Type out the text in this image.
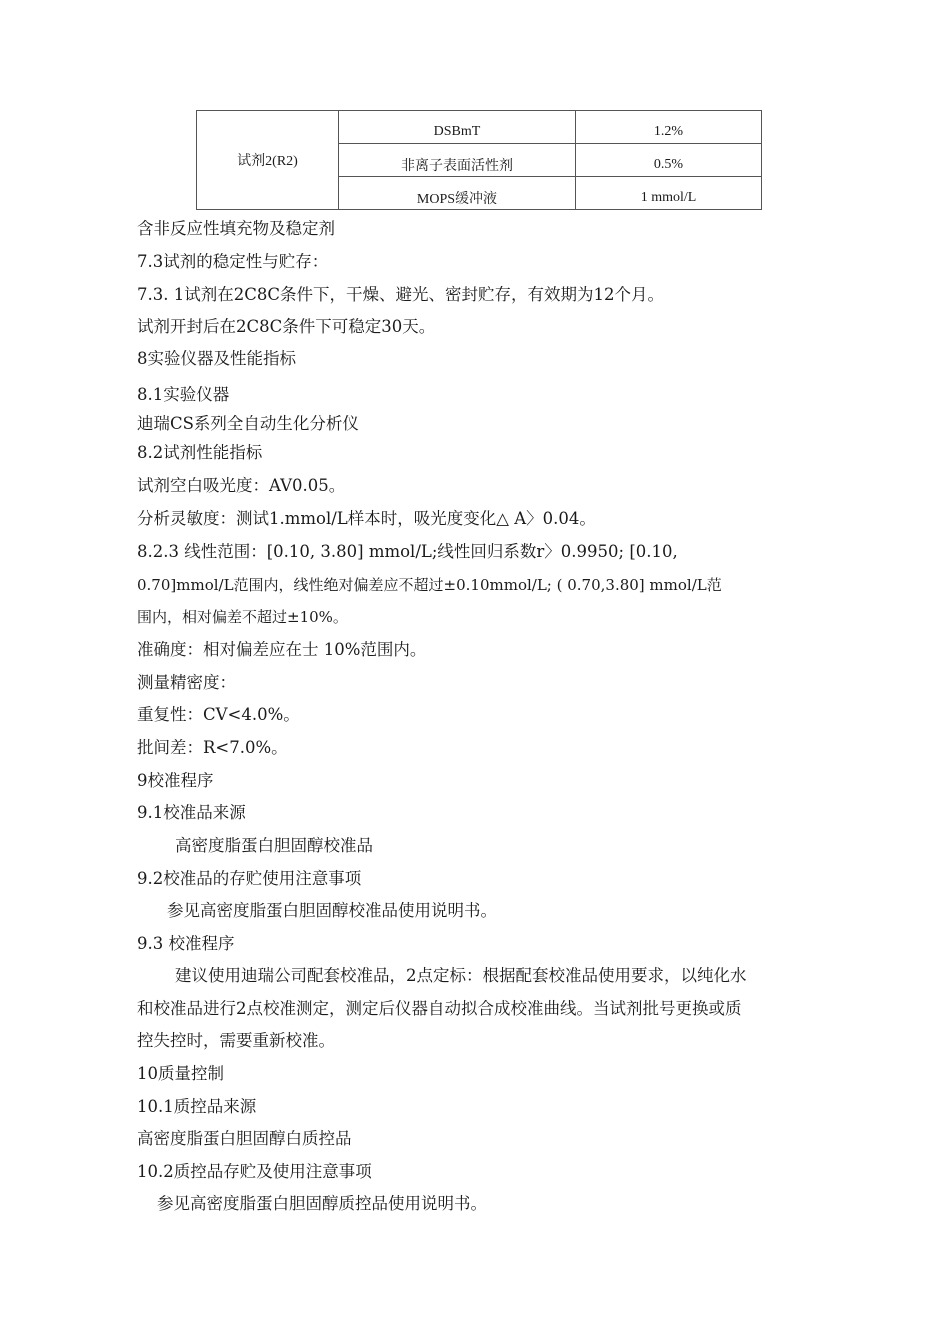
试剂2(R2)	DSBmT	1.2%
	非离子表面活性剂	0.5%
	MOPS缓冲液	1 mmol/L
含非反应性填充物及稳定剂
7.3试剂的稳定性与贮存：
7.3. 1试剂在2C8C条件下，干燥、避光、密封贮存，有效期为12个月。
试剂开封后在2C8C条件下可稳定30天。
8实验仪器及性能指标
8.1实验仪器
迪瑞CS系列全自动生化分析仪
8.2试剂性能指标
试剂空白吸光度：AV0.05。
分析灵敏度：测试1.mmol/L样本时，吸光度变化△ A〉0.04。
8.2.3 线性范围：[0.10, 3.80] mmol/L;线性回归系数r〉0.9950; [0.10,
0.70]mmol/L范围内，线性绝对偏差应不超过±0.10mmol/L; ( 0.70,3.80] mmol/L范
围内，相对偏差不超过±10%。
准确度：相对偏差应在士 10%范围内。
测量精密度：
重复性：CV<4.0%。
批间差：R<7.0%。
9校准程序
9.1校准品来源
高密度脂蛋白胆固醇校准品
9.2校准品的存贮使用注意事项
参见高密度脂蛋白胆固醇校准品使用说明书。
9.3 校准程序
建议使用迪瑞公司配套校准品，2点定标：根据配套校准品使用要求，以纯化水
和校准品进行2点校准测定，测定后仪器自动拟合成校准曲线。当试剂批号更换或质
控失控时，需要重新校准。
10质量控制
10.1质控品来源
高密度脂蛋白胆固醇白质控品
10.2质控品存贮及使用注意事项
参见高密度脂蛋白胆固醇质控品使用说明书。
